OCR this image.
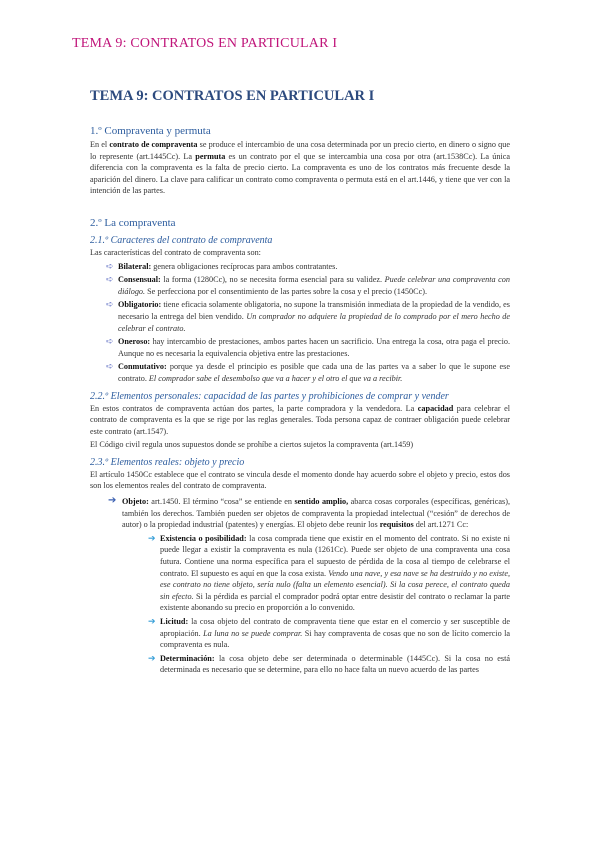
TEMA 9: CONTRATOS EN PARTICULAR I
TEMA 9: CONTRATOS EN PARTICULAR I
1.º Compraventa y permuta

En el contrato de compraventa se produce el intercambio de una cosa determinada por un precio cierto, en dinero o signo que lo represente (art.1445Cc). La permuta es un contrato por el que se intercambia una cosa por otra (art.1538Cc). La única diferencia con la compraventa es la falta de precio cierto. La compraventa es uno de los contratos más frecuente desde la aparición del dinero. La clave para calificar un contrato como compraventa o permuta está en el art.1446, y tiene que ver con la intención de las partes.

2.º La compraventa
2.1.º Caracteres del contrato de compraventa

Las características del contrato de compraventa son:

➪ Bilateral: genera obligaciones recíprocas para ambos contratantes.
➪ Consensual: la forma (1280Cc), no se necesita forma esencial para su validez. Puede celebrar una compraventa con diálogo. Se perfecciona por el consentimiento de las partes sobre la cosa y el precio (1450Cc).
➪ Obligatorio: tiene eficacia solamente obligatoria, no supone la transmisión inmediata de la propiedad de la vendido, es necesario la entrega del bien vendido. Un comprador no adquiere la propiedad de lo comprado por el mero hecho de celebrar el contrato.
➪ Oneroso: hay intercambio de prestaciones, ambos partes hacen un sacrificio. Una entrega la cosa, otra paga el precio. Aunque no es necesaria la equivalencia objetiva entre las prestaciones.
➪ Conmutativo: porque ya desde el principio es posible que cada una de las partes va a saber lo que le supone ese contrato. El comprador sabe el desembolso que va a hacer y el otro el que va a recibir.
2.2.º Elementos personales: capacidad de las partes y prohibiciones de comprar y vender

En estos contratos de compraventa actúan dos partes, la parte compradora y la vendedora. La capacidad para celebrar el contrato de compraventa es la que se rige por las reglas generales. Toda persona capaz de contraer obligación puede celebrar este contrato (art.1547).

El Código civil regula unos supuestos donde se prohíbe a ciertos sujetos la compraventa (art.1459)

2.3.º Elementos reales: objeto y precio

El artículo 1450Cc establece que el contrato se vincula desde el momento donde hay acuerdo sobre el objeto y precio, estos dos son los elementos reales del contrato de compraventa.

➔ Objeto: art.1450. El término “cosa” se entiende en sentido amplio, abarca cosas corporales (específicas, genéricas), también los derechos. También pueden ser objetos de compraventa la propiedad intelectual (“cesión” de derechos de autor) o la propiedad industrial (patentes) y energías. El objeto debe reunir los requisitos del art.1271 Cc:
➔ Existencia o posibilidad: la cosa comprada tiene que existir en el momento del contrato. Si no existe ni puede llegar a existir la compraventa es nula (1261Cc). Puede ser objeto de una compraventa una cosa futura. Contiene una norma específica para el supuesto de pérdida de la cosa al tiempo de celebrarse el contrato. El supuesto es aquí en que la cosa exista. Vendo una nave, y esa nave se ha destruido y no existe, ese contrato no tiene objeto, sería nulo (falta un elemento esencial). Si la cosa perece, el contrato queda sin efecto. Si la pérdida es parcial el comprador podrá optar entre desistir del contrato o reclamar la parte existente abonando su precio en proporción a lo convenido.
➔ Licitud: la cosa objeto del contrato de compraventa tiene que estar en el comercio y ser susceptible de apropiación. La luna no se puede comprar. Si hay compraventa de cosas que no son de lícito comercio la compraventa es nula.
➔ Determinación: la cosa objeto debe ser determinada o determinable (1445Cc). Si la cosa no está determinada es necesario que se determine, para ello no hace falta un nuevo acuerdo de las partes
